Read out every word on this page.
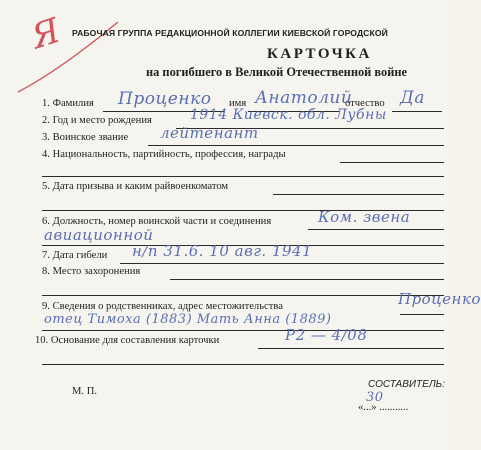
Я РАБОЧАЯ ГРУППА РЕДАКЦИОННОЙ КОЛЛЕГИИ КИЕВСКОЙ ГОРОДСКОЙ
КАРТОЧКА
на погибшего в Великой Отечественной войне
1. Фамилия Проценко имя Анатолий
отчество Да
2. Год и место рождения	1914 Киевск. обл. Лубны
3. Воинское звание лейтенант
4. Национальность, партийность, профессия, награды
5. Дата призыва и каким райвоенкоматом
6. Должность, номер воинской части и соединения	Ком. звена
авиационной
7. Дата гибели н/п 31.6. 10 авг. 1941
8. Место захоронения
9. Сведения о родственниках, адрес местожительства	Проценко
отец Тимоха (1883) Мать Анна (1889)
10. Основание для составления карточки	Р2 — 4/08
М. П.
СОСТАВИТЕЛЬ:
30
«...» ...........
